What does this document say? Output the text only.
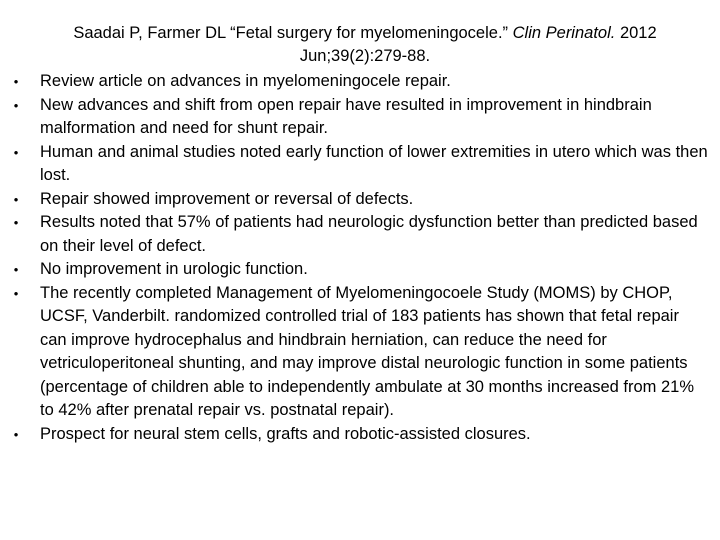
Saadai P, Farmer DL “Fetal surgery for myelomeningocele.” Clin Perinatol. 2012 Jun;39(2):279-88.
•	Review article on advances in myelomeningocele repair.
•	New advances and shift from open repair have resulted in improvement in hindbrain malformation and need for shunt repair.
•	Human and animal studies noted early function of lower extremities in utero which was then lost.
•	Repair showed improvement or reversal of defects.
•	Results noted that 57% of patients had neurologic dysfunction better than predicted based on their level of defect.
•	No improvement in urologic function.
•	The recently completed Management of Myelomeningocoele Study (MOMS) by CHOP, UCSF, Vanderbilt. randomized controlled trial of 183 patients has shown that fetal repair can improve hydrocephalus and hindbrain herniation, can reduce the need for vetriculoperitoneal shunting, and may improve distal neurologic function in some patients (percentage of children able to independently ambulate at 30 months increased from 21% to 42% after prenatal repair vs. postnatal repair).
•	Prospect for neural stem cells, grafts and robotic-assisted closures.
